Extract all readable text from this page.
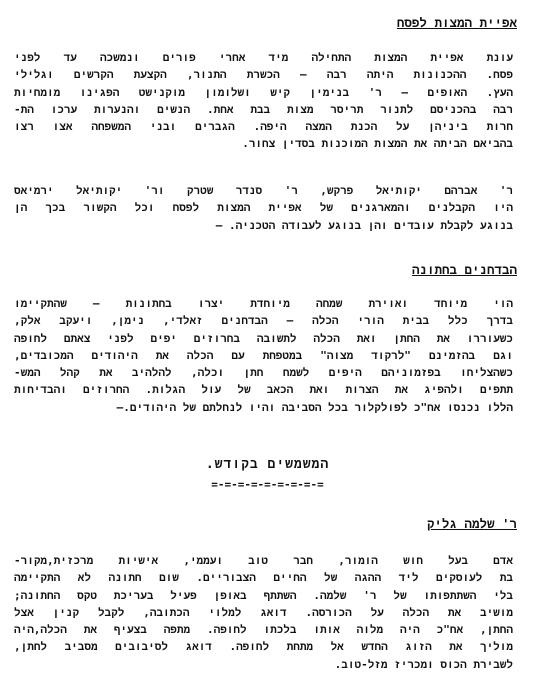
אפיית המצות לפסח
עונת אפיית המצות התחילה מיד אחרי פורים ונמשכה עד לפני
פסח. ההכנונות היתה רבה – הכשרת התנור, הקצעת הקרשים וגלילי
העץ. האופים – ר' בנימין קיש ושלומון מוקנישט הפגינו מומחיות
רבה בהכניסם לתנור תריסר מצות בבת אחת. הנשים והנערות ערכו הת-
חרות ביניהן על הכנת המצה היפה. הגברים ובני המשפחה אצו רצו
בהביאם הביתה את המצות המוכנות בסדין צחור.
ר' אברהם יקותיאל פרקש, ר' סנדר שטרק ור' יקותיאל ירמיאס
היו הקבלנים והמארגנים של אפיית המצות לפסח וכל הקשור בכך הן
בנוגע לקבלת עובדים והן בנוגע לעבודה הטכניה. –
הבדחנים בחתונה
הוי מיוחד ואוירת שמחה מיוחדת יצרו בחתונות – שהתקיימו
בדרך כלל בבית הורי הכלה – הבדחנים זאלדי, נימן, ויעקב אלק,
כשעוררו את החתן ואת הכלה לתשובה בחרוזים יפים לפני צאתם לחופה
וגם בהזמינם "לרקוד מצוה" במטפחת עם הכלה את היהודים המכובדים,
כשהצליחו בפזמוניהם היפים לשמח חתן וכלה, להלהיב את קהל המש-
תתפים ולהפיג את הצרות ואת הכאב של עול הגלות. החרוזים והבדיחות
הללו נכנסו אח"כ לפולקלור בכל הסביבה והיו לנחלתם של היהודים.–
המשמשים בקודש.
=-=-=-=-=-=-=-=-=
ר' שלמה גליק
אדם בעל חוש הומור, חבר טוב ועממי, אישיות מרכזית,מקור-
בת לעוסקים ליד ההגה של החיים הצבוריים. שום חתונה לא התקיימה
בלי השתתפותו של ר' שלמה. השתתף באופן פעיל בעריכת טקס החתונה;
מושיב את הכלה על הכורסה. דואג למלוי הכתובה, לקבל קנין אצל
החתן, אח"כ היה מלוה אותו בלכתו לחופה. מתפה בצעיף את הכלה,היה
מוליך את הזוג החדש אל מתחת לחופה. דואג לסיבובים מסביב לחתן,
לשבירת הכוס ומכריז מזל-טוב.
